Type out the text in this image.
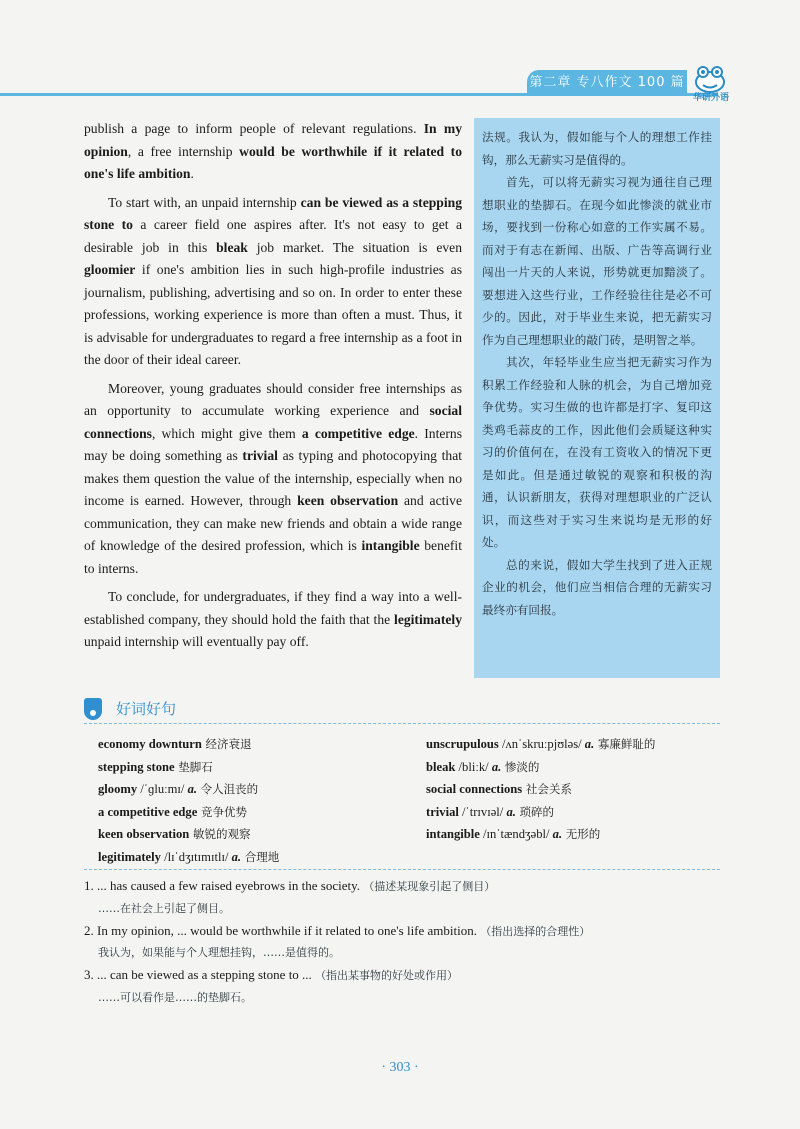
第二章 专八作文 100 篇
华研外语

publish a page to inform people of relevant regulations. In my opinion, a free internship would be worthwhile if it related to one's life ambition.

To start with, an unpaid internship can be viewed as a stepping stone to a career field one aspires after. It's not easy to get a desirable job in this bleak job market. The situation is even gloomier if one's ambition lies in such high-profile industries as journalism, publishing, advertising and so on. In order to enter these professions, working experience is more than often a must. Thus, it is advisable for undergraduates to regard a free internship as a foot in the door of their ideal career.

Moreover, young graduates should consider free internships as an opportunity to accumulate working experience and social connections, which might give them a competitive edge. Interns may be doing something as trivial as typing and photocopying that makes them question the value of the internship, especially when no income is earned. However, through keen observation and active communication, they can make new friends and obtain a wide range of knowledge of the desired profession, which is intangible benefit to interns.

To conclude, for undergraduates, if they find a way into a well-established company, they should hold the faith that the legitimately unpaid internship will eventually pay off.

法规。我认为，假如能与个人的理想工作挂钩，那么无薪实习是值得的。

首先，可以将无薪实习视为通往自己理想职业的垫脚石。在现今如此惨淡的就业市场，要找到一份称心如意的工作实属不易。而对于有志在新闻、出版、广告等高调行业闯出一片天的人来说，形势就更加黯淡了。要想进入这些行业，工作经验往往是必不可少的。因此，对于毕业生来说，把无薪实习作为自己理想职业的敲门砖，是明智之举。

其次，年轻毕业生应当把无薪实习作为积累工作经验和人脉的机会，为自己增加竞争优势。实习生做的也许都是打字、复印这类鸡毛蒜皮的工作，因此他们会质疑这种实习的价值何在，在没有工资收入的情况下更是如此。但是通过敏锐的观察和积极的沟通，认识新朋友，获得对理想职业的广泛认识，而这些对于实习生来说均是无形的好处。

总的来说，假如大学生找到了进入正规企业的机会，他们应当相信合理的无薪实习最终亦有回报。

好词好句
economy downturn 经济衰退
stepping stone 垫脚石
gloomy /ˈɡluːmɪ/ a. 令人沮丧的
a competitive edge 竞争优势
keen observation 敏锐的观察
legitimately /lɪˈdʒɪtɪmɪtlɪ/ a. 合理地
unscrupulous /ʌnˈskruːpjʊləs/ a. 寡廉鲜耻的
bleak /bliːk/ a. 惨淡的
social connections 社会关系
trivial /ˈtrɪvɪəl/ a. 琐碎的
intangible /ɪnˈtændʒəbl/ a. 无形的
1. ... has caused a few raised eyebrows in the society. （描述某现象引起了侧目）
……在社会上引起了侧目。
2. In my opinion, ... would be worthwhile if it related to one's life ambition. （指出选择的合理性）
我认为，如果能与个人理想挂钩，……是值得的。
3. ... can be viewed as a stepping stone to ... （指出某事物的好处或作用）
……可以看作是……的垫脚石。
· 303 ·
